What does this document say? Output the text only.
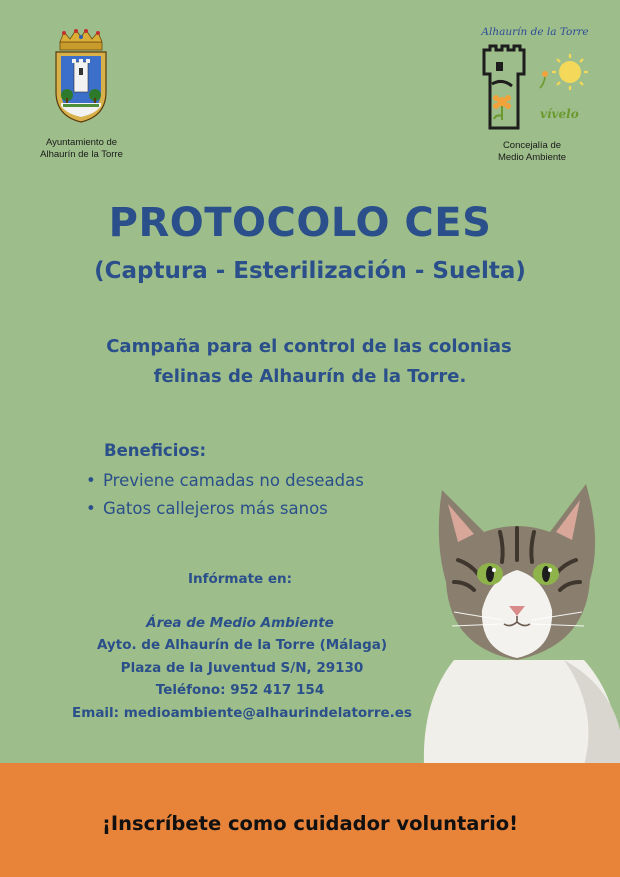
Ayuntamiento de
Alhaurín de la Torre
Alhaurín de la Torre
vívelo
Concejalía de
Medio Ambiente
PROTOCOLO CES
(Captura - Esterilización - Suelta)
Campaña para el control de las colonias
felinas de Alhaurín de la Torre.
Beneficios:
• Previene camadas no deseadas
• Gatos callejeros más sanos
Infórmate en:
Área de Medio Ambiente
Ayto. de Alhaurín de la Torre (Málaga)
Plaza de la Juventud S/N, 29130
Teléfono: 952 417 154
Email: medioambiente@alhaurindelatorre.es
¡Inscríbete como cuidador voluntario!
